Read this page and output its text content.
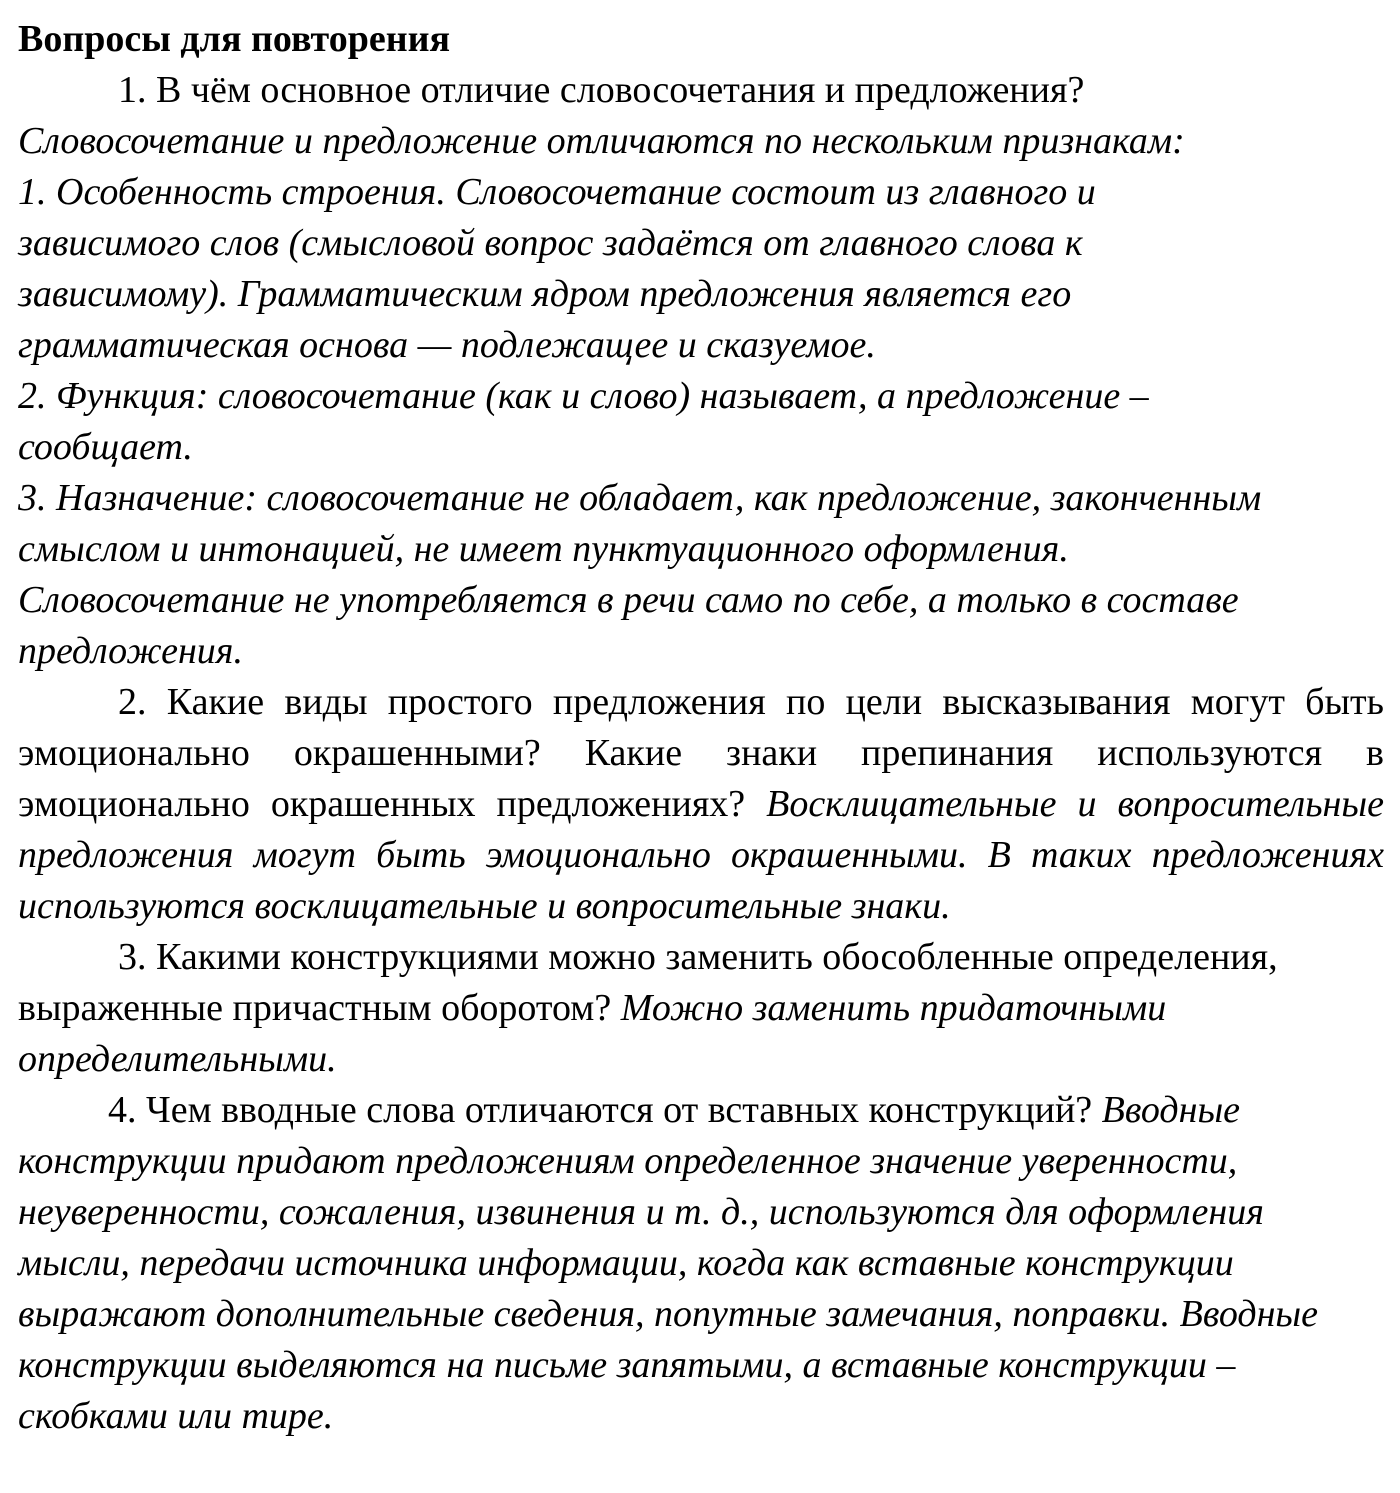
Вопросы для повторения

1. В чём основное отличие словосочетания и предложения?

Словосочетание и предложение отличаются по нескольким признакам:

1. Особенность строения. Словосочетание состоит из главного и

зависимого слов (смысловой вопрос задаётся от главного слова к

зависимому). Грамматическим ядром предложения является его

грамматическая основа — подлежащее и сказуемое.

2. Функция: словосочетание (как и слово) называет, а предложение –

сообщает.

3. Назначение: словосочетание не обладает, как предложение, законченным

смыслом и интонацией, не имеет пунктуационного оформления.

Словосочетание не употребляется в речи само по себе, а только в составе

предложения.

2. Какие виды простого предложения по цели высказывания могут быть эмоционально окрашенными? Какие знаки препинания используются в эмоционально окрашенных предложениях? Восклицательные и вопросительные предложения могут быть эмоционально окрашенными. В таких предложениях используются восклицательные и вопросительные знаки.

3. Какими конструкциями можно заменить обособленные определения, выраженные причастным оборотом? Можно заменить придаточными определительными.

4. Чем вводные слова отличаются от вставных конструкций? Вводные конструкции придают предложениям определенное значение уверенности, неуверенности, сожаления, извинения и т. д., используются для оформления мысли, передачи источника информации, когда как вставные конструкции выражают дополнительные сведения, попутные замечания, поправки. Вводные конструкции выделяются на письме запятыми, а вставные конструкции – скобками или тире.
